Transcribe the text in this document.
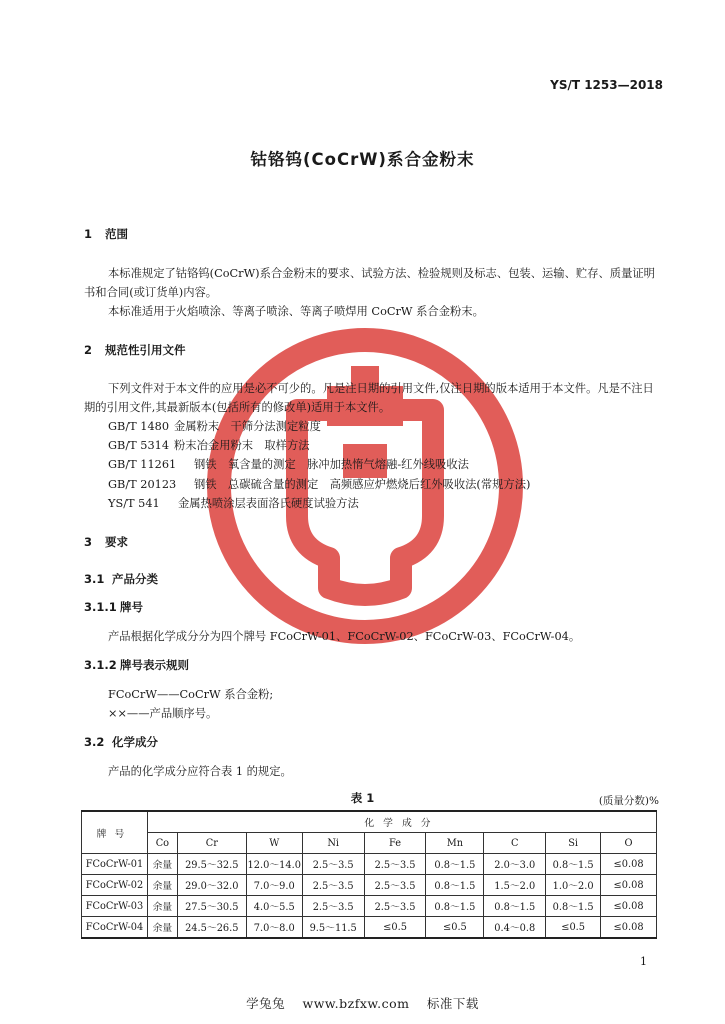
YS/T 1253—2018
钴铬钨(CoCrW)系合金粉末
1 范围
本标准规定了钴铬钨(CoCrW)系合金粉末的要求、试验方法、检验规则及标志、包装、运输、贮存、质量证明书和合同(或订货单)内容。
本标准适用于火焰喷涂、等离子喷涂、等离子喷焊用 CoCrW 系合金粉末。
2 规范性引用文件
下列文件对于本文件的应用是必不可少的。凡是注日期的引用文件,仅注日期的版本适用于本文件。凡是不注日期的引用文件,其最新版本(包括所有的修改单)适用于本文件。
GB/T 1480 金属粉末　干筛分法测定粒度
GB/T 5314 粉末冶金用粉末　取样方法
GB/T 11261 钢铁　氧含量的测定　脉冲加热惰气熔融-红外线吸收法
GB/T 20123 钢铁　总碳硫含量的测定　高频感应炉燃烧后红外吸收法(常规方法)
YS/T 541 金属热喷涂层表面洛氏硬度试验方法
3 要求
3.1 产品分类
3.1.1 牌号
产品根据化学成分分为四个牌号 FCoCrW-01、FCoCrW-02、FCoCrW-03、FCoCrW-04。
3.1.2 牌号表示规则
FCoCrW——CoCrW 系合金粉;
××——产品顺序号。
3.2 化学成分
产品的化学成分应符合表 1 的规定。
表 1	(质量分数)%
牌号	化学成分								
	Co	Cr	W	Ni	Fe	Mn	C	Si	O
FCoCrW-01	余量	29.5～32.5	12.0～14.0	2.5～3.5	2.5～3.5	0.8～1.5	2.0～3.0	0.8～1.5	≤0.08
FCoCrW-02	余量	29.0～32.0	7.0～9.0	2.5～3.5	2.5～3.5	0.8～1.5	1.5～2.0	1.0～2.0	≤0.08
FCoCrW-03	余量	27.5～30.5	4.0～5.5	2.5～3.5	2.5～3.5	0.8～1.5	0.8～1.5	0.8～1.5	≤0.08
FCoCrW-04	余量	24.5～26.5	7.0～8.0	9.5～11.5	≤0.5	≤0.5	0.4～0.8	≤0.5	≤0.08
1
学兔兔　 www.bzfxw.com　 标准下载
